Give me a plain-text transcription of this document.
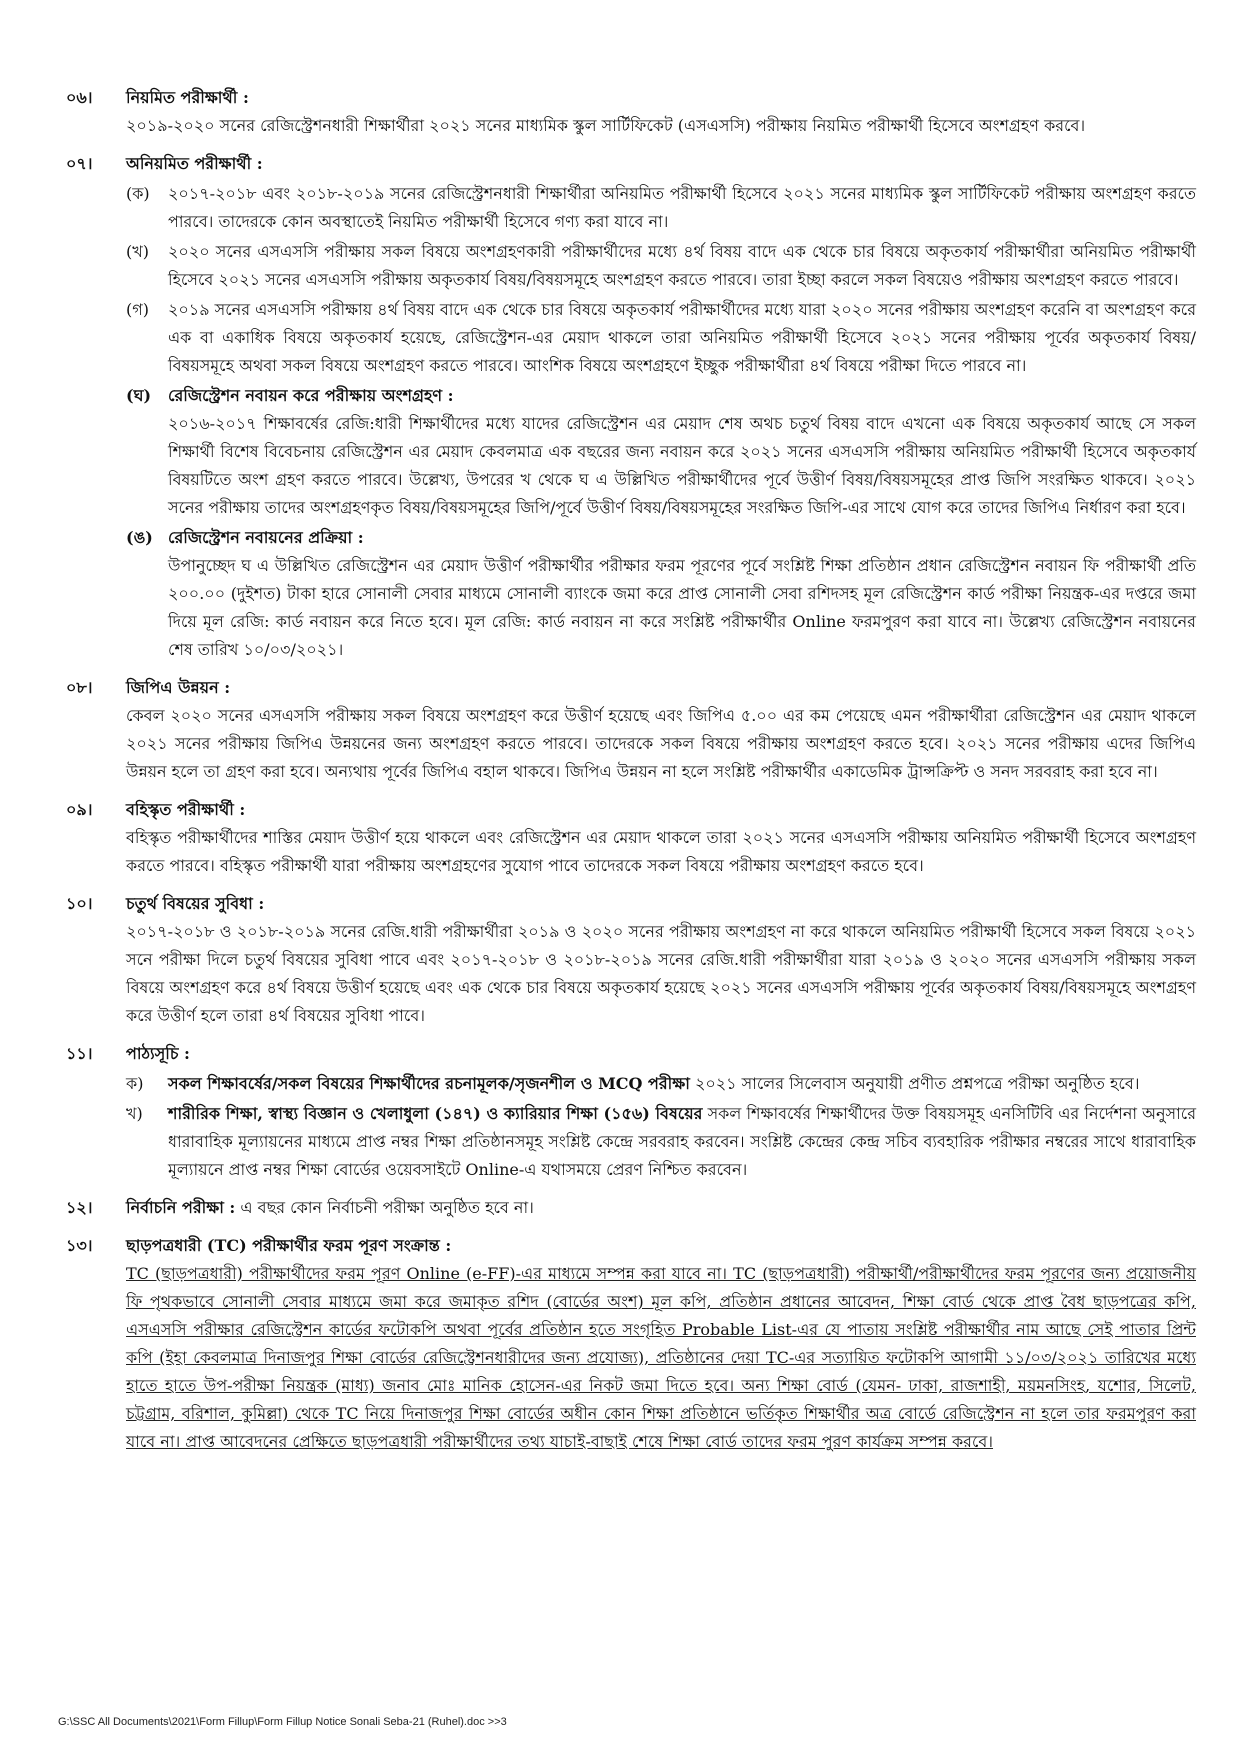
০৬। নিয়মিত পরীক্ষার্থী :
২০১৯-২০২০ সনের রেজিস্ট্রেশনধারী শিক্ষার্থীরা ২০২১ সনের মাধ্যমিক স্কুল সার্টিফিকেট (এসএসসি) পরীক্ষায় নিয়মিত পরীক্ষার্থী হিসেবে অংশগ্রহণ করবে।
০৭। অনিয়মিত পরীক্ষার্থী :
(ক) ২০১৭-২০১৮ এবং ২০১৮-২০১৯ সনের রেজিস্ট্রেশনধারী শিক্ষার্থীরা অনিয়মিত পরীক্ষার্থী হিসেবে ২০২১ সনের মাধ্যমিক স্কুল সার্টিফিকেট পরীক্ষায় অংশগ্রহণ করতে পারবে। তাদেরকে কোন অবস্থাতেই নিয়মিত পরীক্ষার্থী হিসেবে গণ্য করা যাবে না।
(খ) ২০২০ সনের এসএসসি পরীক্ষায় সকল বিষয়ে অংশগ্রহণকারী পরীক্ষার্থীদের মধ্যে ৪র্থ বিষয় বাদে এক থেকে চার বিষয়ে অকৃতকার্য পরীক্ষার্থীরা অনিয়মিত পরীক্ষার্থী হিসেবে ২০২১ সনের এসএসসি পরীক্ষায় অকৃতকার্য বিষয়/বিষয়সমূহে অংশগ্রহণ করতে পারবে। তারা ইচ্ছা করলে সকল বিষয়েও পরীক্ষায় অংশগ্রহণ করতে পারবে।
(গ) ২০১৯ সনের এসএসসি পরীক্ষায় ৪র্থ বিষয় বাদে এক থেকে চার বিষয়ে অকৃতকার্য পরীক্ষার্থীদের মধ্যে যারা ২০২০ সনের পরীক্ষায় অংশগ্রহণ করেনি বা অংশগ্রহণ করে এক বা একাধিক বিষয়ে অকৃতকার্য হয়েছে, রেজিস্ট্রেশন-এর মেয়াদ থাকলে তারা অনিয়মিত পরীক্ষার্থী হিসেবে ২০২১ সনের পরীক্ষায় পূর্বের অকৃতকার্য বিষয়/বিষয়সমূহে অথবা সকল বিষয়ে অংশগ্রহণ করতে পারবে। আংশিক বিষয়ে অংশগ্রহণে ইচ্ছুক পরীক্ষার্থীরা ৪র্থ বিষয়ে পরীক্ষা দিতে পারবে না।
(ঘ) রেজিস্ট্রেশন নবায়ন করে পরীক্ষায় অংশগ্রহণ :
২০১৬-২০১৭ শিক্ষাবর্ষের রেজি:ধারী শিক্ষার্থীদের মধ্যে যাদের রেজিস্ট্রেশন এর মেয়াদ শেষ অথচ চতুর্থ বিষয় বাদে এখনো এক বিষয়ে অকৃতকার্য আছে সে সকল শিক্ষার্থী বিশেষ বিবেচনায় রেজিস্ট্রেশন এর মেয়াদ কেবলমাত্র এক বছরের জন্য নবায়ন করে ২০২১ সনের এসএসসি পরীক্ষায় অনিয়মিত পরীক্ষার্থী হিসেবে অকৃতকার্য বিষয়টিতে অংশ গ্রহণ করতে পারবে। উল্লেখ্য, উপরের খ থেকে ঘ এ উল্লিখিত পরীক্ষার্থীদের পূর্বে উত্তীর্ণ বিষয়/বিষয়সমূহের প্রাপ্ত জিপি সংরক্ষিত থাকবে। ২০২১ সনের পরীক্ষায় তাদের অংশগ্রহণকৃত বিষয়/বিষয়সমূহের জিপি/পূর্বে উত্তীর্ণ বিষয়/বিষয়সমূহের সংরক্ষিত জিপি-এর সাথে যোগ করে তাদের জিপিএ নির্ধারণ করা হবে।
(ঙ) রেজিস্ট্রেশন নবায়নের প্রক্রিয়া :
উপানুচ্ছেদ ঘ এ উল্লিখিত রেজিস্ট্রেশন এর মেয়াদ উত্তীর্ণ পরীক্ষার্থীর পরীক্ষার ফরম পূরণের পূর্বে সংশ্লিষ্ট শিক্ষা প্রতিষ্ঠান প্রধান রেজিস্ট্রেশন নবায়ন ফি পরীক্ষার্থী প্রতি ২০০.০০ (দুইশত) টাকা হারে সোনালী সেবার মাধ্যমে সোনালী ব্যাংকে জমা করে প্রাপ্ত সোনালী সেবা রশিদসহ মূল রেজিস্ট্রেশন কার্ড পরীক্ষা নিয়ন্ত্রক-এর দপ্তরে জমা দিয়ে মূল রেজি: কার্ড নবায়ন করে নিতে হবে। মূল রেজি: কার্ড নবায়ন না করে সংশ্লিষ্ট পরীক্ষার্থীর Online ফরমপুরণ করা যাবে না। উল্লেখ্য রেজিস্ট্রেশন নবায়নের শেষ তারিখ ১০/০৩/২০২১।
০৮। জিপিএ উন্নয়ন :
কেবল ২০২০ সনের এসএসসি পরীক্ষায় সকল বিষয়ে অংশগ্রহণ করে উত্তীর্ণ হয়েছে এবং জিপিএ ৫.০০ এর কম পেয়েছে এমন পরীক্ষার্থীরা রেজিস্ট্রেশন এর মেয়াদ থাকলে ২০২১ সনের পরীক্ষায় জিপিএ উন্নয়নের জন্য অংশগ্রহণ করতে পারবে। তাদেরকে সকল বিষয়ে পরীক্ষায় অংশগ্রহণ করতে হবে। ২০২১ সনের পরীক্ষায় এদের জিপিএ উন্নয়ন হলে তা গ্রহণ করা হবে। অন্যথায় পূর্বের জিপিএ বহাল থাকবে। জিপিএ উন্নয়ন না হলে সংশ্লিষ্ট পরীক্ষার্থীর একাডেমিক ট্রান্সক্রিপ্ট ও সনদ সরবরাহ করা হবে না।
০৯। বহিস্কৃত পরীক্ষার্থী :
বহিস্কৃত পরীক্ষার্থীদের শাস্তির মেয়াদ উত্তীর্ণ হয়ে থাকলে এবং রেজিস্ট্রেশন এর মেয়াদ থাকলে তারা ২০২১ সনের এসএসসি পরীক্ষায় অনিয়মিত পরীক্ষার্থী হিসেবে অংশগ্রহণ করতে পারবে। বহিস্কৃত পরীক্ষার্থী যারা পরীক্ষায় অংশগ্রহণের সুযোগ পাবে তাদেরকে সকল বিষয়ে পরীক্ষায় অংশগ্রহণ করতে হবে।
১০। চতুর্থ বিষয়ের সুবিধা :
২০১৭-২০১৮ ও ২০১৮-২০১৯ সনের রেজি.ধারী পরীক্ষার্থীরা ২০১৯ ও ২০২০ সনের পরীক্ষায় অংশগ্রহণ না করে থাকলে অনিয়মিত পরীক্ষার্থী হিসেবে সকল বিষয়ে ২০২১ সনে পরীক্ষা দিলে চতুর্থ বিষয়ের সুবিধা পাবে এবং ২০১৭-২০১৮ ও ২০১৮-২০১৯ সনের রেজি.ধারী পরীক্ষার্থীরা যারা ২০১৯ ও ২০২০ সনের এসএসসি পরীক্ষায় সকল বিষয়ে অংশগ্রহণ করে ৪র্থ বিষয়ে উত্তীর্ণ হয়েছে এবং এক থেকে চার বিষয়ে অকৃতকার্য হয়েছে ২০২১ সনের এসএসসি পরীক্ষায় পূর্বের অকৃতকার্য বিষয়/বিষয়সমূহে অংশগ্রহণ করে উত্তীর্ণ হলে তারা ৪র্থ বিষয়ের সুবিধা পাবে।
১১। পাঠ্যসূচি :
ক) সকল শিক্ষাবর্ষের/সকল বিষয়ের শিক্ষার্থীদের রচনামূলক/সৃজনশীল ও MCQ পরীক্ষা ২০২১ সালের সিলেবাস অনুযায়ী প্রণীত প্রশ্নপত্রে পরীক্ষা অনুষ্ঠিত হবে।
খ) শারীরিক শিক্ষা, স্বাস্থ্য বিজ্ঞান ও খেলাধুলা (১৪৭) ও ক্যারিয়ার শিক্ষা (১৫৬) বিষয়ের সকল শিক্ষাবর্ষের শিক্ষার্থীদের উক্ত বিষয়সমূহ এনসিটিবি এর নির্দেশনা অনুসারে ধারাবাহিক মূল্যায়নের মাধ্যমে প্রাপ্ত নম্বর শিক্ষা প্রতিষ্ঠানসমূহ সংশ্লিষ্ট কেন্দ্রে সরবরাহ করবেন। সংশ্লিষ্ট কেন্দ্রের কেন্দ্র সচিব ব্যবহারিক পরীক্ষার নম্বরের সাথে ধারাবাহিক মূল্যায়নে প্রাপ্ত নম্বর শিক্ষা বোর্ডের ওয়েবসাইটে Online-এ যথাসময়ে প্রেরণ নিশ্চিত করবেন।
১২। নির্বাচনি পরীক্ষা : এ বছর কোন নির্বাচনী পরীক্ষা অনুষ্ঠিত হবে না।
১৩। ছাড়পত্রধারী (TC) পরীক্ষার্থীর ফরম পূরণ সংক্রান্ত :
TC (ছাড়পত্রধারী) পরীক্ষার্থীদের ফরম পূরণ Online (e-FF)-এর মাধ্যমে সম্পন্ন করা যাবে না। TC (ছাড়পত্রধারী) পরীক্ষার্থী/পরীক্ষার্থীদের ফরম পূরণের জন্য প্রয়োজনীয় ফি পৃথকভাবে সোনালী সেবার মাধ্যমে জমা করে জমাকৃত রশিদ (বোর্ডের অংশ) মূল কপি, প্রতিষ্ঠান প্রধানের আবেদন, শিক্ষা বোর্ড থেকে প্রাপ্ত বৈধ ছাড়পত্রের কপি, এসএসসি পরীক্ষার রেজিস্ট্রেশন কার্ডের ফটোকপি অথবা পূর্বের প্রতিষ্ঠান হতে সংগৃহিত Probable List-এর যে পাতায় সংশ্লিষ্ট পরীক্ষার্থীর নাম আছে সেই পাতার প্রিন্ট কপি (ইহা কেবলমাত্র দিনাজপুর শিক্ষা বোর্ডের রেজিস্ট্রেশনধারীদের জন্য প্রযোজ্য), প্রতিষ্ঠানের দেয়া TC-এর সত্যায়িত ফটোকপি আগামী ১১/০৩/২০২১ তারিখের মধ্যে হাতে হাতে উপ-পরীক্ষা নিয়ন্ত্রক (মাধ্য) জনাব মোঃ মানিক হোসেন-এর নিকট জমা দিতে হবে। অন্য শিক্ষা বোর্ড (যেমন- ঢাকা, রাজশাহী, ময়মনসিংহ, যশোর, সিলেট, চট্টগ্রাম, বরিশাল, কুমিল্লা) থেকে TC নিয়ে দিনাজপুর শিক্ষা বোর্ডের অধীন কোন শিক্ষা প্রতিষ্ঠানে ভর্তিকৃত শিক্ষার্থীর অত্র বোর্ডে রেজিস্ট্রেশন না হলে তার ফরমপুরণ করা যাবে না। প্রাপ্ত আবেদনের প্রেক্ষিতে ছাড়পত্রধারী পরীক্ষার্থীদের তথ্য যাচাই-বাছাই শেষে শিক্ষা বোর্ড তাদের ফরম পুরণ কার্যক্রম সম্পন্ন করবে।
G:\SSC All Documents\2021\Form Fillup\Form Fillup Notice Sonali Seba-21 (Ruhel).doc >>3
